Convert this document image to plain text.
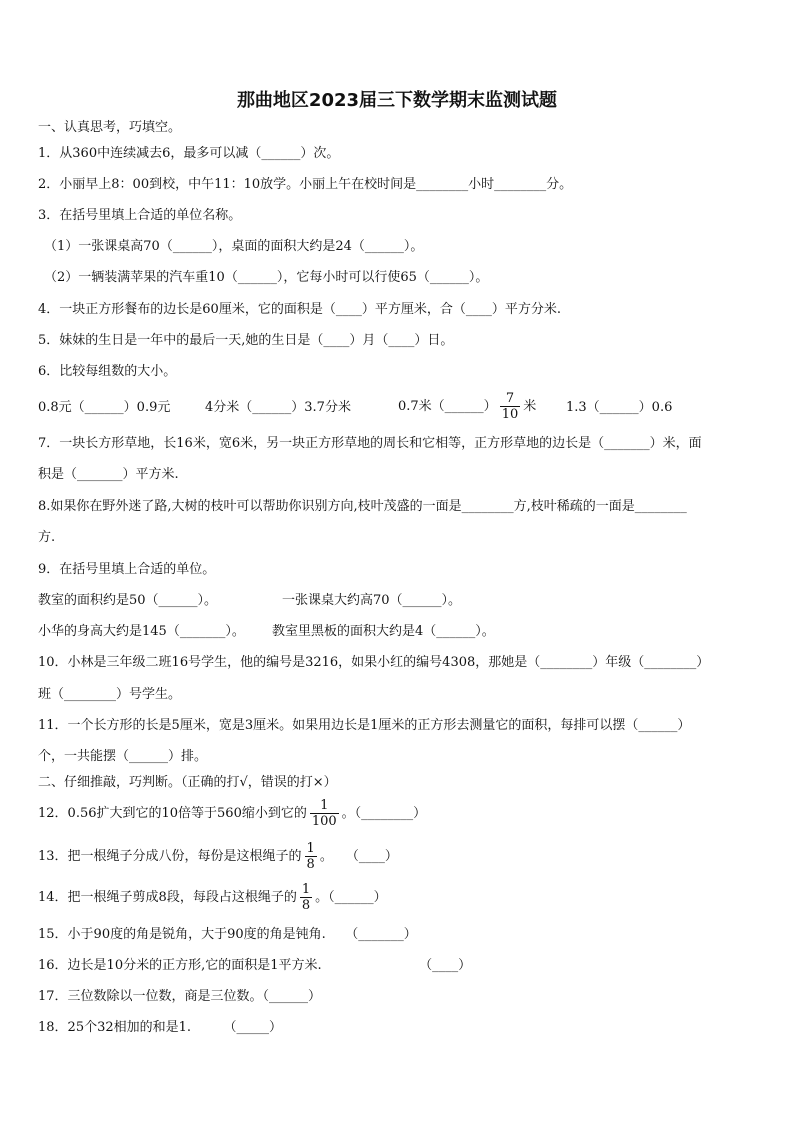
那曲地区2023届三下数学期末监测试题
一、认真思考，巧填空。
1．从360中连续减去6，最多可以减（______）次。
2．小丽早上8：00到校，中午11：10放学。小丽上午在校时间是________小时________分。
3．在括号里填上合适的单位名称。
（1）一张课桌高70（______），桌面的面积大约是24（______）。
（2）一辆装满苹果的汽车重10（______），它每小时可以行使65（______）。
4．一块正方形餐布的边长是60厘米，它的面积是（____）平方厘米，合（____）平方分米.
5．妹妹的生日是一年中的最后一天,她的生日是（____）月（____）日。
6．比较每组数的大小。
0.8元（______）0.9元	4分米（______）3.7分米	0.7米（______） $\frac{7}{10}$ 米 1.3（______）0.6
7．一块长方形草地，长16米，宽6米，另一块正方形草地的周长和它相等，正方形草地的边长是（_______）米，面
积是（_______）平方米.
8.如果你在野外迷了路,大树的枝叶可以帮助你识别方向,枝叶茂盛的一面是________方,枝叶稀疏的一面是________
方.
9．在括号里填上合适的单位。
教室的面积约是50（______）。	一张课桌大约高70（______）。
小华的身高大约是145（_______）。 教室里黑板的面积大约是4（______）。
10．小林是三年级二班16号学生，他的编号是3216，如果小红的编号4308，那她是（________）年级（________）
班（________）号学生。
11．一个长方形的长是5厘米，宽是3厘米。如果用边长是1厘米的正方形去测量它的面积，每排可以摆（______）
个，一共能摆（______）排。
二、仔细推敲，巧判断。（正确的打√，错误的打×）
12．0.56扩大到它的10倍等于560缩小到它的 $\frac{1}{100}$ 。（________）
13．把一根绳子分成八份，每份是这根绳子的 $\frac{1}{8}$ 。　　（____）
14．把一根绳子剪成8段，每段占这根绳子的 $\frac{1}{8}$ 。（______）
15．小于90度的角是锐角，大于90度的角是钝角.　　（_______）
16．边长是10分米的正方形,它的面积是1平方米.　　　　　　　　（____）
17．三位数除以一位数，商是三位数。（______）
18．25个32相加的和是1.　　　（_____）
